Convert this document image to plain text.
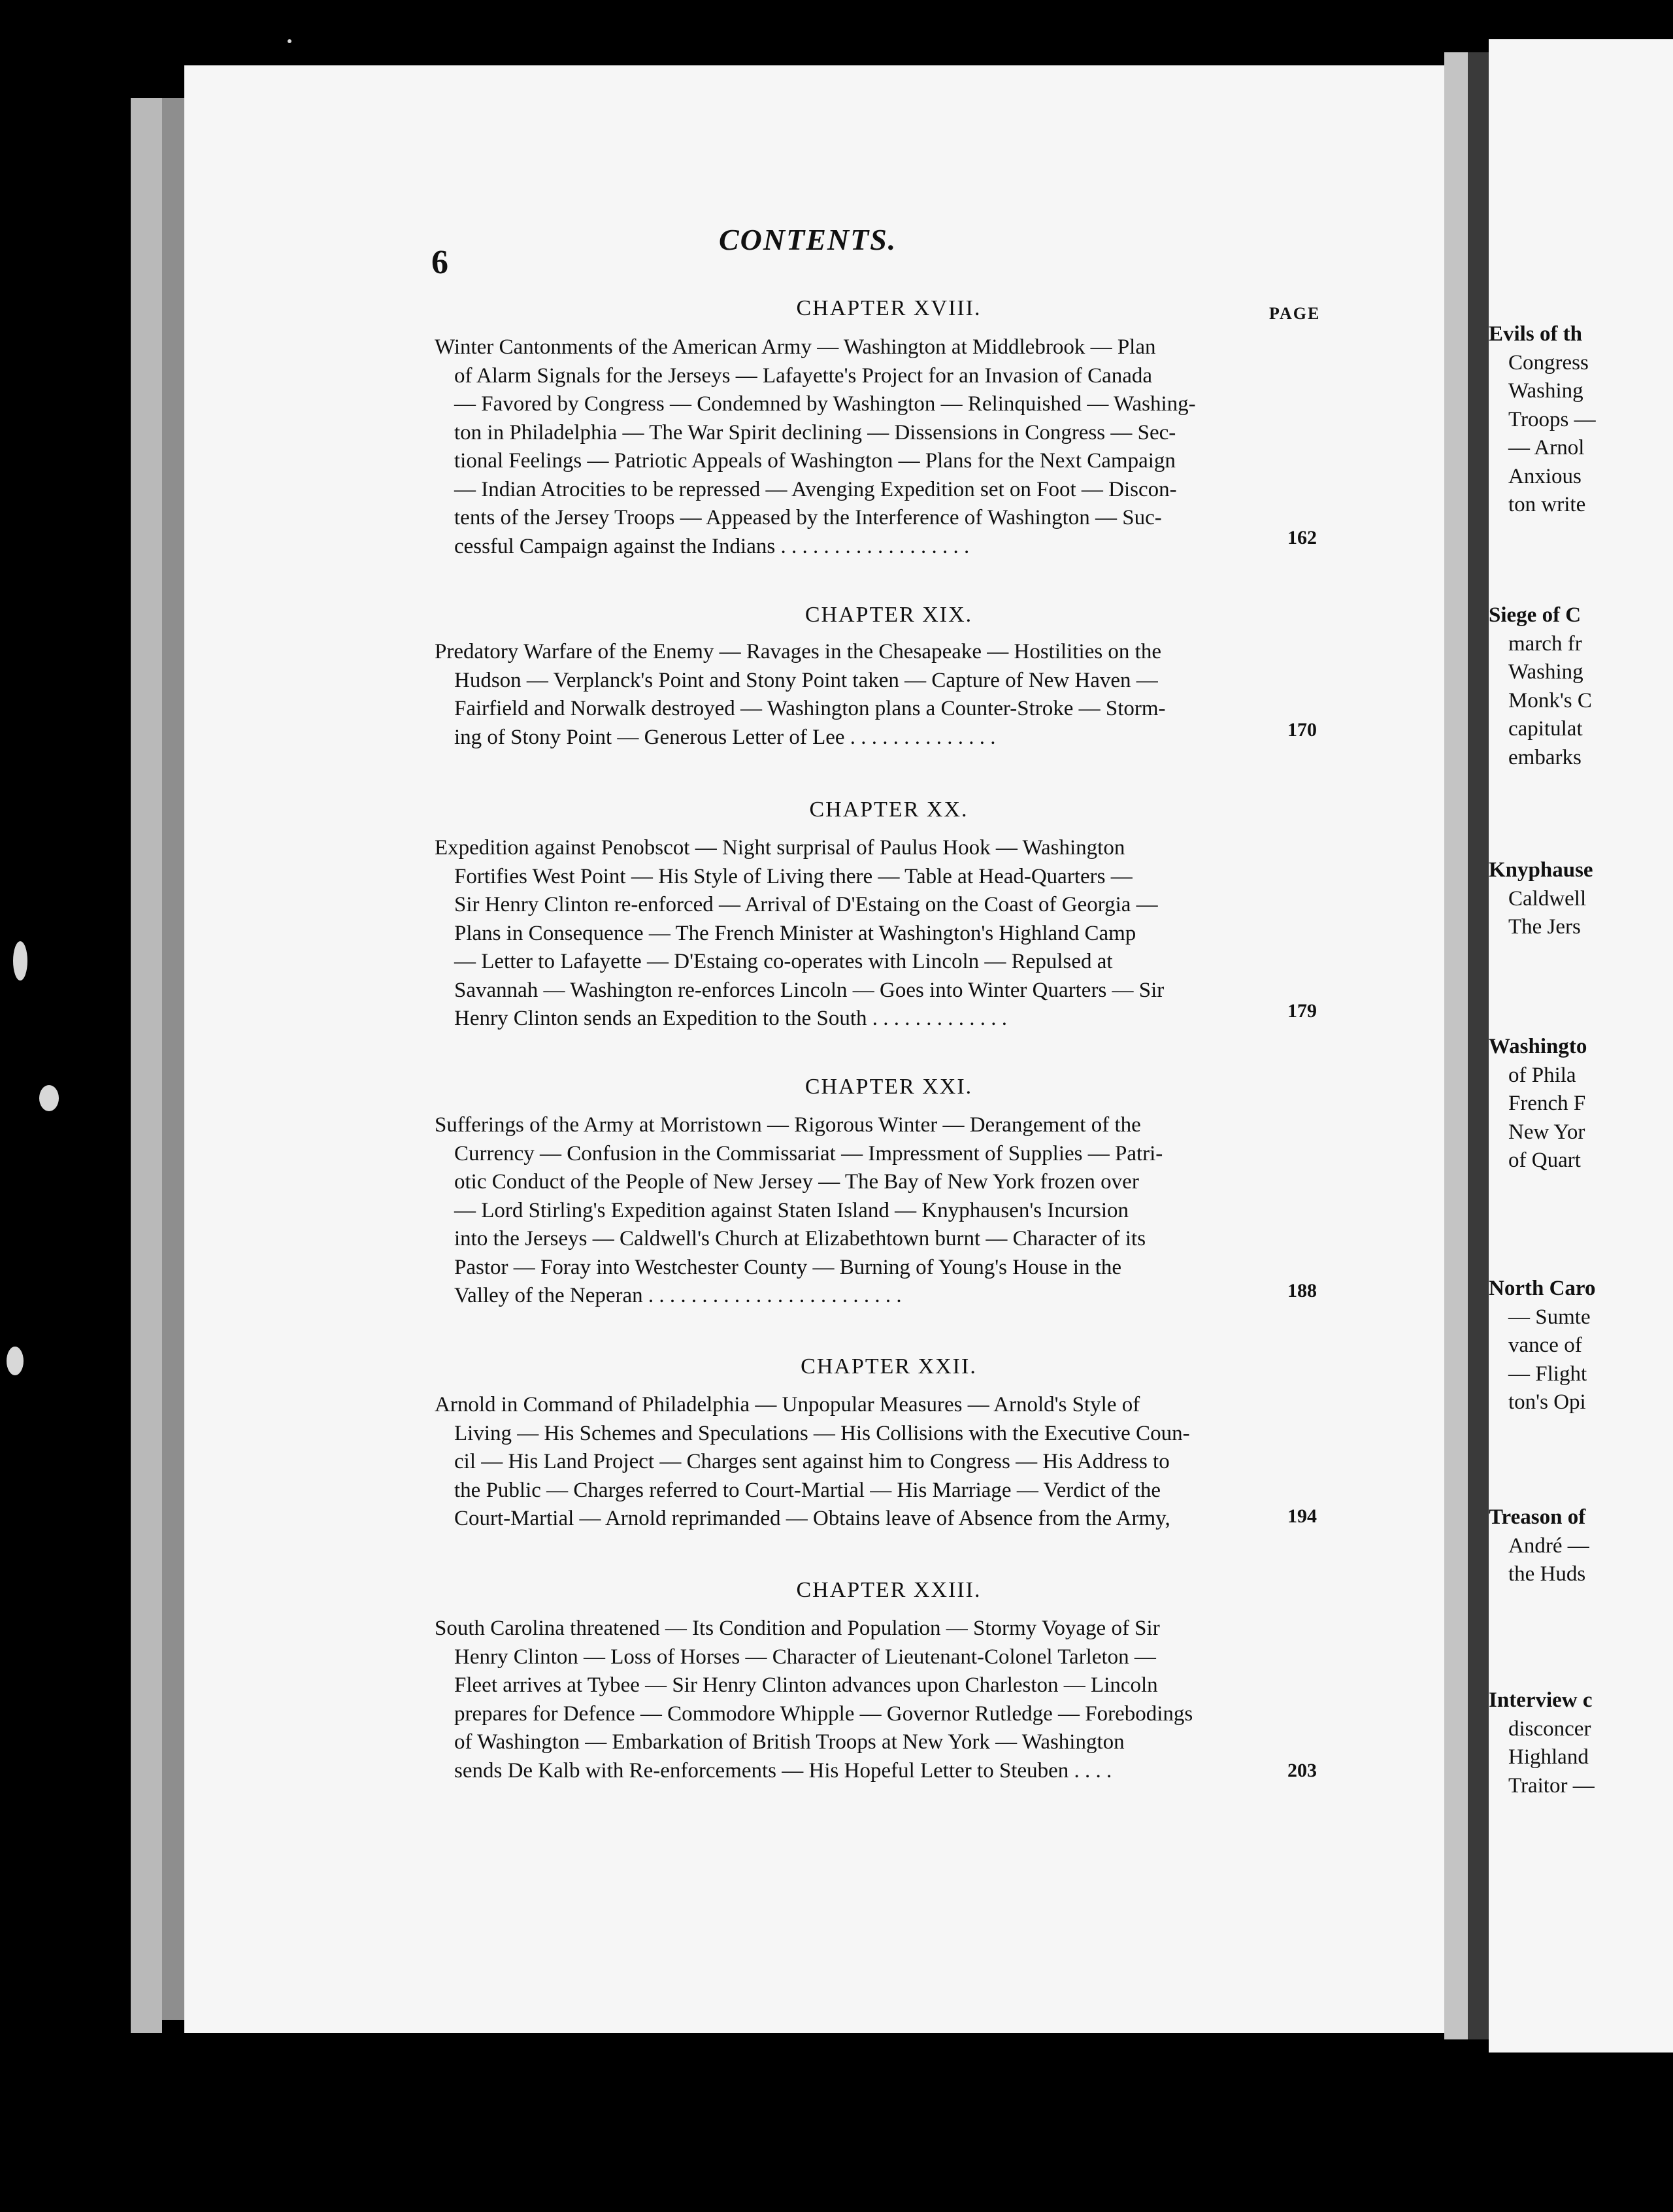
6
CONTENTS.
PAGE
CHAPTER XVIII.
Winter Cantonments of the American Army — Washington at Middlebrook — Plan
of Alarm Signals for the Jerseys — Lafayette's Project for an Invasion of Canada
— Favored by Congress — Condemned by Washington — Relinquished — Washing-
ton in Philadelphia — The War Spirit declining — Dissensions in Congress — Sec-
tional Feelings — Patriotic Appeals of Washington — Plans for the Next Campaign
— Indian Atrocities to be repressed — Avenging Expedition set on Foot — Discon-
tents of the Jersey Troops — Appeased by the Interference of Washington — Suc-
cessful Campaign against the Indians . . . . . . . . . . . . . . . . . .	162
CHAPTER XIX.
Predatory Warfare of the Enemy — Ravages in the Chesapeake — Hostilities on the
Hudson — Verplanck's Point and Stony Point taken — Capture of New Haven —
Fairfield and Norwalk destroyed — Washington plans a Counter-Stroke — Storm-
ing of Stony Point — Generous Letter of Lee . . . . . . . . . . . . . .	170
CHAPTER XX.
Expedition against Penobscot — Night surprisal of Paulus Hook — Washington
Fortifies West Point — His Style of Living there — Table at Head-Quarters —
Sir Henry Clinton re-enforced — Arrival of D'Estaing on the Coast of Georgia —
Plans in Consequence — The French Minister at Washington's Highland Camp
— Letter to Lafayette — D'Estaing co-operates with Lincoln — Repulsed at
Savannah — Washington re-enforces Lincoln — Goes into Winter Quarters — Sir
Henry Clinton sends an Expedition to the South . . . . . . . . . . . . .	179
CHAPTER XXI.
Sufferings of the Army at Morristown — Rigorous Winter — Derangement of the
Currency — Confusion in the Commissariat — Impressment of Supplies — Patri-
otic Conduct of the People of New Jersey — The Bay of New York frozen over
— Lord Stirling's Expedition against Staten Island — Knyphausen's Incursion
into the Jerseys — Caldwell's Church at Elizabethtown burnt — Character of its
Pastor — Foray into Westchester County — Burning of Young's House in the
Valley of the Neperan . . . . . . . . . . . . . . . . . . . . . . . .	188
CHAPTER XXII.
Arnold in Command of Philadelphia — Unpopular Measures — Arnold's Style of
Living — His Schemes and Speculations — His Collisions with the Executive Coun-
cil — His Land Project — Charges sent against him to Congress — His Address to
the Public — Charges referred to Court-Martial — His Marriage — Verdict of the
Court-Martial — Arnold reprimanded — Obtains leave of Absence from the Army,	194
CHAPTER XXIII.
South Carolina threatened — Its Condition and Population — Stormy Voyage of Sir
Henry Clinton — Loss of Horses — Character of Lieutenant-Colonel Tarleton —
Fleet arrives at Tybee — Sir Henry Clinton advances upon Charleston — Lincoln
prepares for Defence — Commodore Whipple — Governor Rutledge — Forebodings
of Washington — Embarkation of British Troops at New York — Washington
sends De Kalb with Re-enforcements — His Hopeful Letter to Steuben . . . .	203
Evils of th
Congress
Washing
Troops —
— Arnol
Anxious
ton write
Siege of C
march fr
Washing
Monk's C
capitulat
embarks
Knyphause
Caldwell
The Jers
Washingto
of Phila
French F
New Yor
of Quart
North Caro
— Sumte
vance of
— Flight
ton's Opi
Treason of
André —
the Huds
Interview c
disconcer
Highland
Traitor —
